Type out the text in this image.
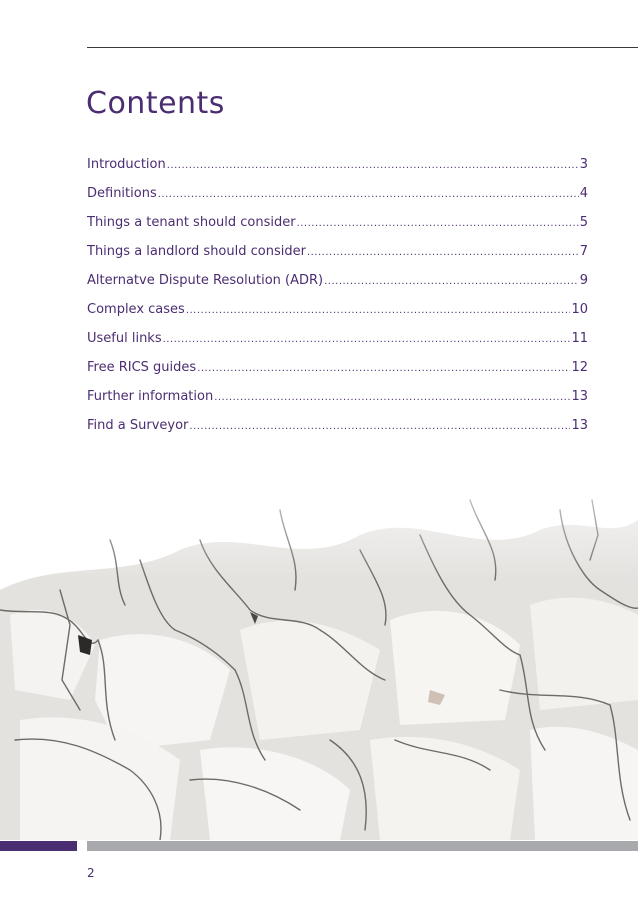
Contents
Introduction .....	3
Definitions .....	4
Things a tenant should consider .....	5
Things a landlord should consider .....	7
Alternatve Dispute Resolution (ADR) .....	9
Complex cases .....	10
Useful links .....	11
Free RICS guides .....	12
Further information .....	13
Find a Surveyor .....	13
2
